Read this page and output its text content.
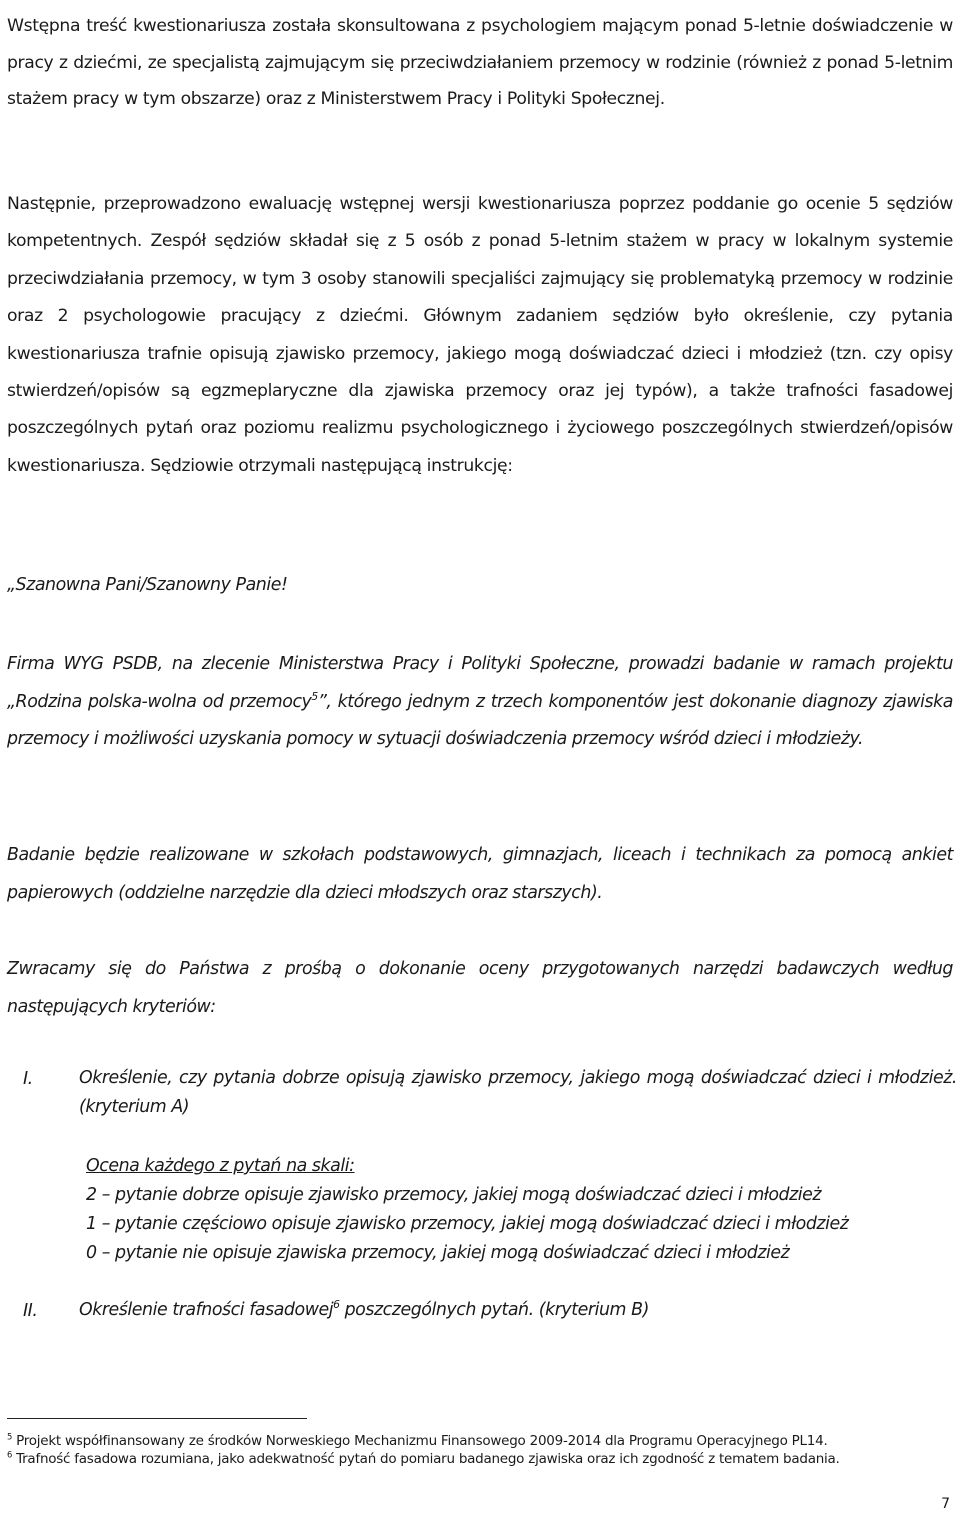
Wstępna treść kwestionariusza została skonsultowana z psychologiem mającym ponad 5-letnie doświadczenie w pracy z dziećmi, ze specjalistą zajmującym się przeciwdziałaniem przemocy w rodzinie (również z ponad 5-letnim stażem pracy w tym obszarze) oraz z Ministerstwem Pracy i Polityki Społecznej.

Następnie, przeprowadzono ewaluację wstępnej wersji kwestionariusza poprzez poddanie go ocenie 5 sędziów kompetentnych. Zespół sędziów składał się z 5 osób z ponad 5-letnim stażem w pracy w lokalnym systemie przeciwdziałania przemocy, w tym 3 osoby stanowili specjaliści zajmujący się problematyką przemocy w rodzinie oraz 2 psychologowie pracujący z dziećmi. Głównym zadaniem sędziów było określenie, czy pytania kwestionariusza trafnie opisują zjawisko przemocy, jakiego mogą doświadczać dzieci i młodzież (tzn. czy opisy stwierdzeń/opisów są egzmeplaryczne dla zjawiska przemocy oraz jej typów), a także trafności fasadowej poszczególnych pytań oraz poziomu realizmu psychologicznego i życiowego poszczególnych stwierdzeń/opisów kwestionariusza. Sędziowie otrzymali następującą instrukcję:

„Szanowna Pani/Szanowny Panie!

Firma WYG PSDB, na zlecenie Ministerstwa Pracy i Polityki Społeczne, prowadzi badanie w ramach projektu „Rodzina polska-wolna od przemocy$^5$”, którego jednym z trzech komponentów jest dokonanie diagnozy zjawiska przemocy i możliwości uzyskania pomocy w sytuacji doświadczenia przemocy wśród dzieci i młodzieży.

Badanie będzie realizowane w szkołach podstawowych, gimnazjach, liceach i technikach za pomocą ankiet papierowych (oddzielne narzędzie dla dzieci młodszych oraz starszych).

Zwracamy się do Państwa z prośbą o dokonanie oceny przygotowanych narzędzi badawczych według następujących kryteriów:

I.	Określenie, czy pytania dobrze opisują zjawisko przemocy, jakiego mogą doświadczać dzieci i młodzież. (kryterium A)

Ocena każdego z pytań na skali:
2 – pytanie dobrze opisuje zjawisko przemocy, jakiej mogą doświadczać dzieci i młodzież
1 – pytanie częściowo opisuje zjawisko przemocy, jakiej mogą doświadczać dzieci i młodzież
0 – pytanie nie opisuje zjawiska przemocy, jakiej mogą doświadczać dzieci i młodzież
II. Określenie trafności fasadowej$^6$ poszczególnych pytań. (kryterium B)

$^5$ Projekt współfinansowany ze środków Norweskiego Mechanizmu Finansowego 2009-2014 dla Programu Operacyjnego PL14.

$^6$ Trafność fasadowa rozumiana, jako adekwatność pytań do pomiaru badanego zjawiska oraz ich zgodność z tematem badania.

7
